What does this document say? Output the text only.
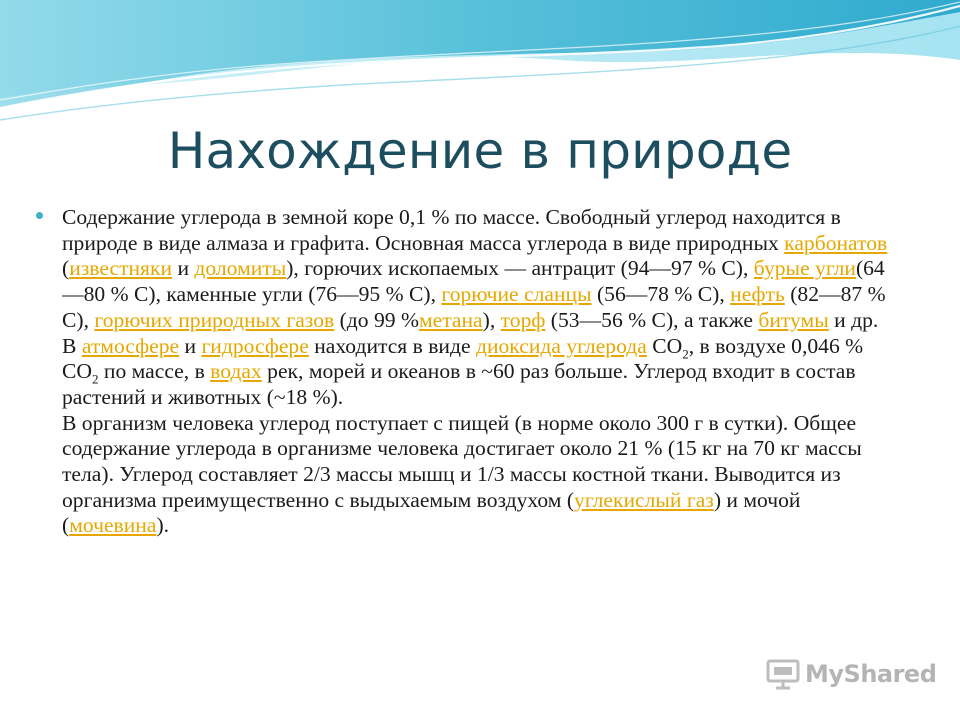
Нахождение в природе
Содержание углерода в земной коре 0,1 % по массе. Свободный углерод находится в природе в виде алмаза и графита. Основная масса углерода в виде природных карбонатов (известняки и доломиты), горючих ископаемых — антрацит (94—97 % С), бурые угли(64—80 % С), каменные угли (76—95 % С), горючие сланцы (56—78 % С), нефть (82—87 % С), горючих природных газов (до 99 %метана), торф (53—56 % С), а также битумы и др.
В атмосфере и гидросфере находится в виде диоксида углерода $CO_2$, в воздухе 0,046 % $CO_2$ по массе, в водах рек, морей и океанов в ~60 раз больше. Углерод входит в состав растений и животных (~18 %).
В организм человека углерод поступает с пищей (в норме около 300 г в сутки). Общее содержание углерода в организме человека достигает около 21 % (15 кг на 70 кг массы тела). Углерод составляет 2/3 массы мышц и 1/3 массы костной ткани. Выводится из организма преимущественно с выдыхаемым воздухом (углекислый газ) и мочой (мочевина).
MyShared
